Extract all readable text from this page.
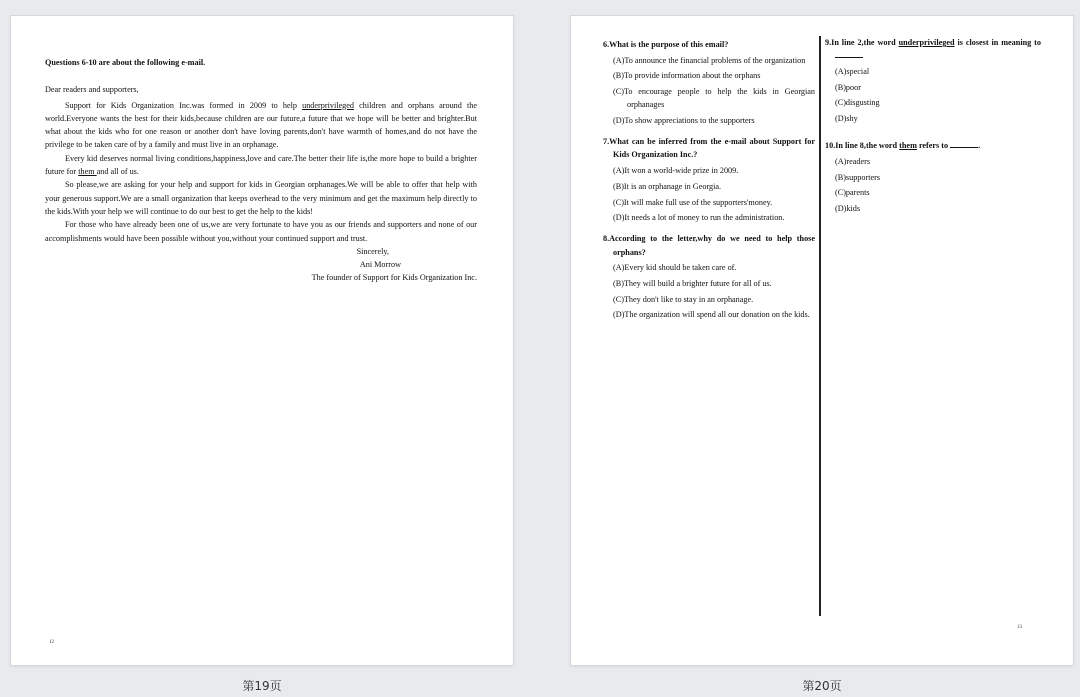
Questions 6-10 are about the following e-mail.
Dear readers and supporters,

Support for Kids Organization Inc.was formed in 2009 to help underprivileged children and orphans around the world.Everyone wants the best for their kids,because children are our future,a future that we hope will be better and brighter.But what about the kids who for one reason or another don't have loving parents,don't have warmth of homes,and do not have the privilege to be taken care of by a family and must live in an orphanage.

Every kid deserves normal living conditions,happiness,love and care.The better their life is,the more hope to build a brighter future for them and all of us.

So please,we are asking for your help and support for kids in Georgian orphanages.We will be able to offer that help with your generous support.We are a small organization that keeps overhead to the very minimum and get the maximum help directly to the kids.With your help we will continue to do our best to get the help to the kids!

For those who have already been one of us,we are very fortunate to have you as our friends and supporters and none of our accomplishments would have been possible without you,without your continued support and trust.

Sincerely,
Ani Morrow
The founder of Support for Kids Organization Inc.
12
6.What is the purpose of this email?
(A)To announce the financial problems of the organization
(B)To provide information about the orphans
(C)To encourage people to help the kids in Georgian orphanages
(D)To show appreciations to the supporters
7.What can be inferred from the e-mail about Support for Kids Organization Inc.?
(A)It won a world-wide prize in 2009.
(B)It is an orphanage in Georgia.
(C)It will make full use of the supporters'money.
(D)It needs a lot of money to run the administration.
8.According to the letter,why do we need to help those orphans?
(A)Every kid should be taken care of.
(B)They will build a brighter future for all of us.
(C)They don't like to stay in an orphanage.
(D)The organization will spend all our donation on the kids.
9.In line 2,the word underprivileged is closest in meaning to
(A)special
(B)poor
(C)disgusting
(D)shy
10.In line 8,the word them refers to	.
(A)readers
(B)supporters
(C)parents
(D)kids
13
第19页	第20页
